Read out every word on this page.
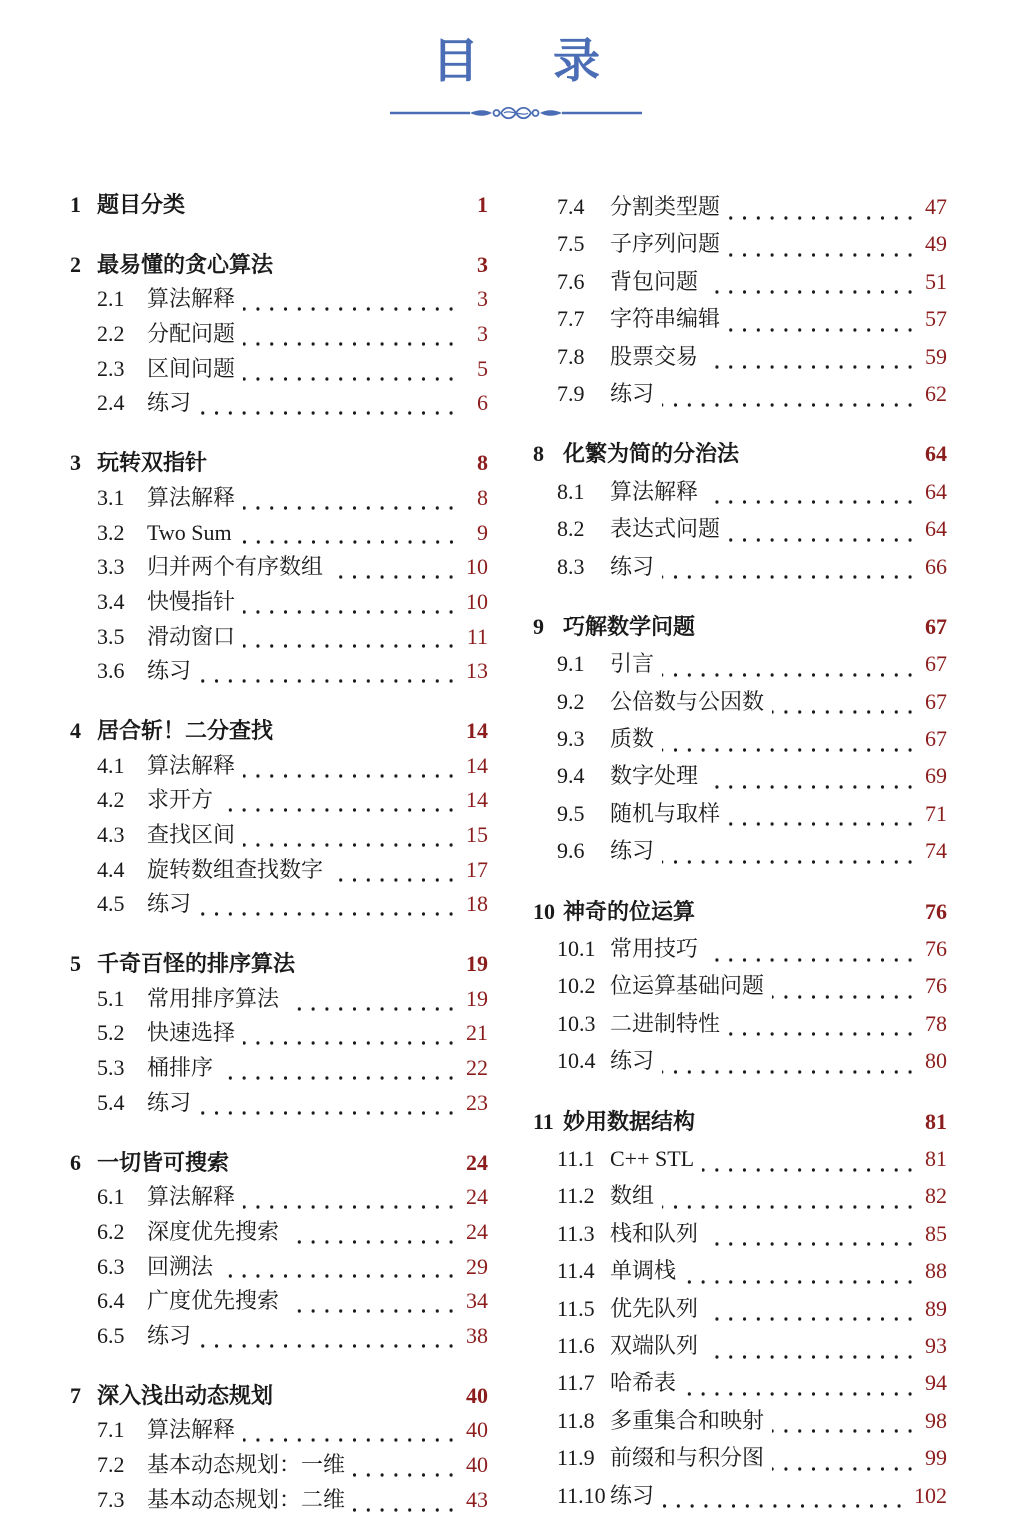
目 录
1 题目分类	1
2 最易懂的贪心算法	3
2.1	算法解释	3
2.2	分配问题	3
2.3	区间问题	5
2.4	练习	6
3 玩转双指针	8
3.1	算法解释	8
3.2	Two Sum	9
3.3	归并两个有序数组	10
3.4	快慢指针	10
3.5	滑动窗口	11
3.6	练习	13
4 居合斩！二分查找	14
4.1	算法解释	14
4.2	求开方	14
4.3	查找区间	15
4.4	旋转数组查找数字	17
4.5	练习	18
5 千奇百怪的排序算法	19
5.1	常用排序算法	19
5.2	快速选择	21
5.3	桶排序	22
5.4	练习	23
6 一切皆可搜索	24
6.1	算法解释	24
6.2	深度优先搜索	24
6.3	回溯法	29
6.4	广度优先搜索	34
6.5	练习	38
7 深入浅出动态规划	40
7.1	算法解释	40
7.2	基本动态规划：一维	40
7.3	基本动态规划：二维	43
7.4	分割类型题	47
7.5	子序列问题	49
7.6	背包问题	51
7.7	字符串编辑	57
7.8	股票交易	59
7.9	练习	62
8 化繁为简的分治法	64
8.1	算法解释	64
8.2	表达式问题	64
8.3	练习	66
9 巧解数学问题	67
9.1	引言	67
9.2	公倍数与公因数	67
9.3	质数	67
9.4	数字处理	69
9.5	随机与取样	71
9.6	练习	74
10 神奇的位运算	76
10.1 常用技巧	76
10.2 位运算基础问题	76
10.3 二进制特性	78
10.4 练习	80
11 妙用数据结构	81
11.1 C++ STL	81
11.2 数组	82
11.3 栈和队列	85
11.4 单调栈	88
11.5 优先队列	89
11.6 双端队列	93
11.7 哈希表	94
11.8 多重集合和映射	98
11.9 前缀和与积分图	99
11.10 练习	102
